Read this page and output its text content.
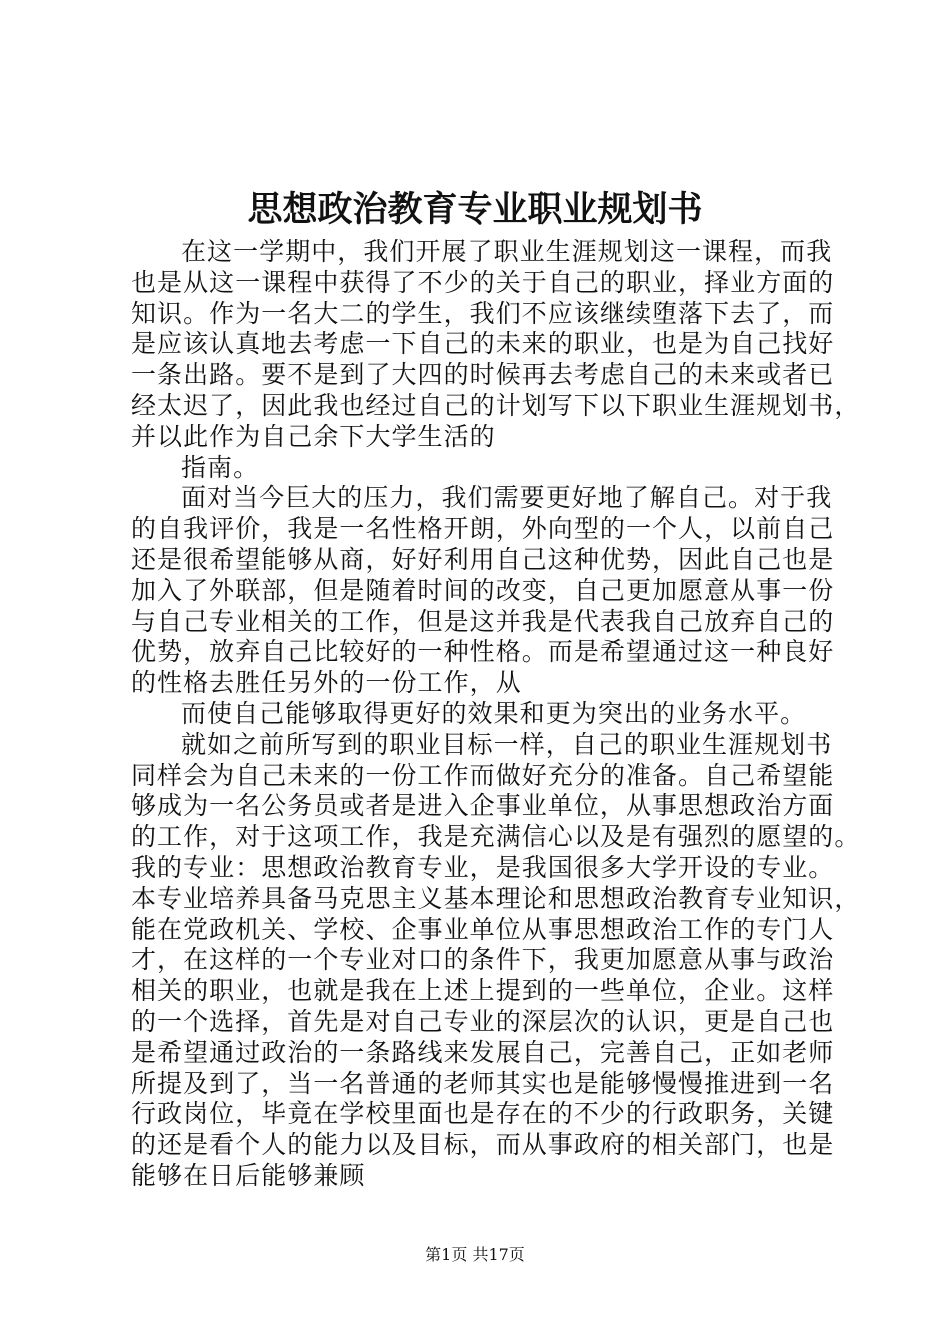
思想政治教育专业职业规划书
在这一学期中，我们开展了职业生涯规划这一课程，而我
也是从这一课程中获得了不少的关于自己的职业，择业方面的
知识。作为一名大二的学生，我们不应该继续堕落下去了，而
是应该认真地去考虑一下自己的未来的职业，也是为自己找好
一条出路。要不是到了大四的时候再去考虑自己的未来或者已
经太迟了，因此我也经过自己的计划写下以下职业生涯规划书，
并以此作为自己余下大学生活的
指南。
面对当今巨大的压力，我们需要更好地了解自己。对于我
的自我评价，我是一名性格开朗，外向型的一个人，以前自己
还是很希望能够从商，好好利用自己这种优势，因此自己也是
加入了外联部，但是随着时间的改变，自己更加愿意从事一份
与自己专业相关的工作，但是这并我是代表我自己放弃自己的
优势，放弃自己比较好的一种性格。而是希望通过这一种良好
的性格去胜任另外的一份工作，从
而使自己能够取得更好的效果和更为突出的业务水平。
就如之前所写到的职业目标一样，自己的职业生涯规划书
同样会为自己未来的一份工作而做好充分的准备。自己希望能
够成为一名公务员或者是进入企事业单位，从事思想政治方面
的工作，对于这项工作，我是充满信心以及是有强烈的愿望的。
我的专业：思想政治教育专业，是我国很多大学开设的专业。
本专业培养具备马克思主义基本理论和思想政治教育专业知识，
能在党政机关、学校、企事业单位从事思想政治工作的专门人
才，在这样的一个专业对口的条件下，我更加愿意从事与政治
相关的职业，也就是我在上述上提到的一些单位，企业。这样
的一个选择，首先是对自己专业的深层次的认识，更是自己也
是希望通过政治的一条路线来发展自己，完善自己，正如老师
所提及到了，当一名普通的老师其实也是能够慢慢推进到一名
行政岗位，毕竟在学校里面也是存在的不少的行政职务，关键
的还是看个人的能力以及目标，而从事政府的相关部门，也是
能够在日后能够兼顾
第1页 共17页
